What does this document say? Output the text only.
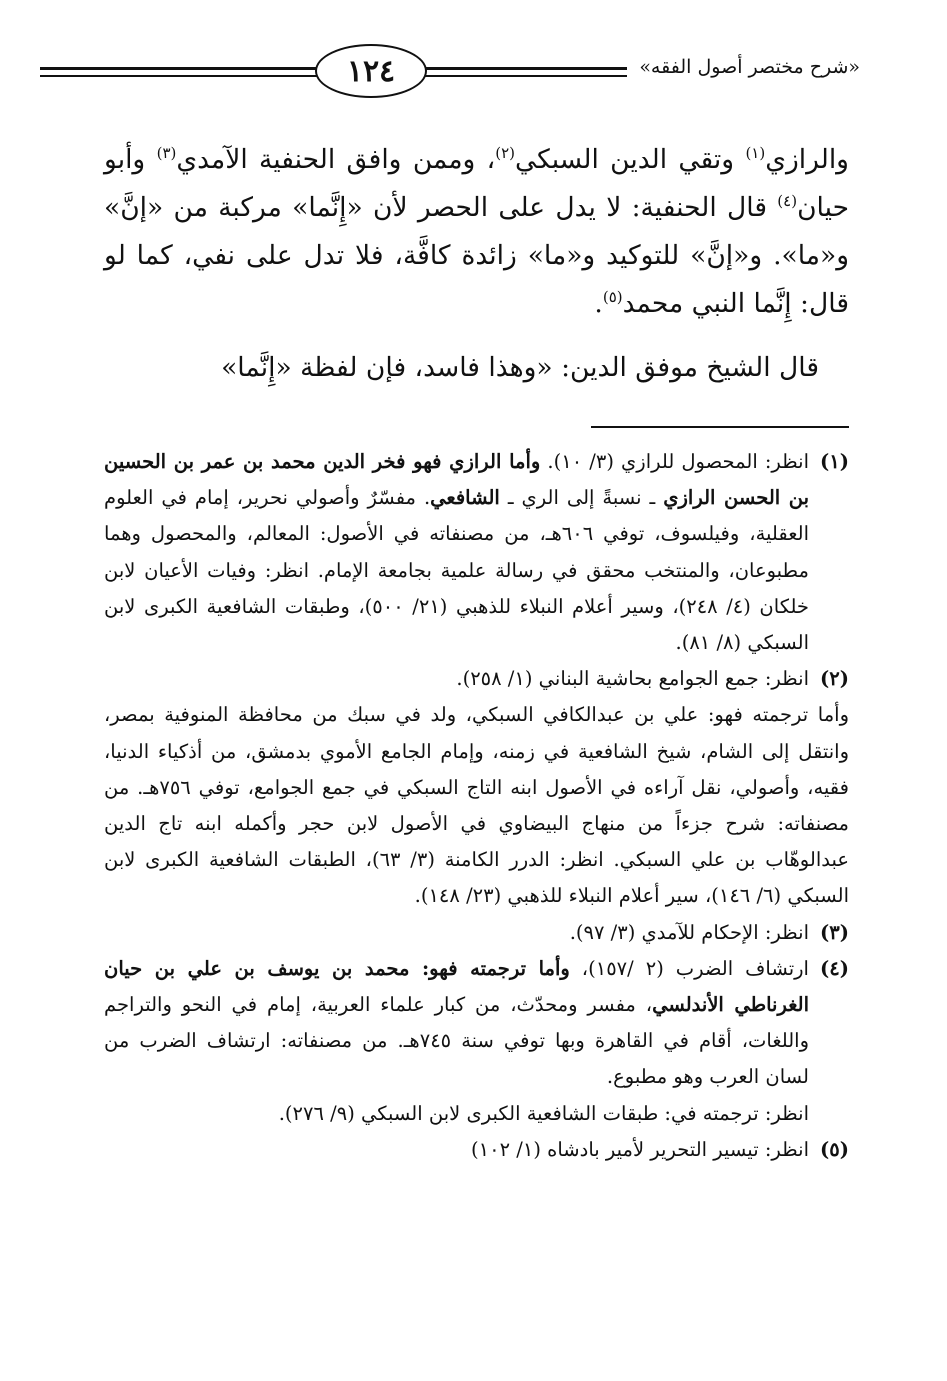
«شرح مختصر أصول الفقه»
١٢٤

والرازي$^{(١)}$ وتقي الدين السبكي$^{(٢)}$، وممن وافق الحنفية الآمدي$^{(٣)}$ وأبو حيان$^{(٤)}$ قال الحنفية: لا يدل على الحصر لأن «إِنَّما» مركبة من «إنَّ» و«ما». و«إنَّ» للتوكيد و«ما» زائدة كافَّة، فلا تدل على نفي، كما لو قال: إِنَّما النبي محمد$^{(٥)}$.

قال الشيخ موفق الدين: «وهذا فاسد، فإن لفظة «إِنَّما»

(١)

انظر: المحصول للرازي (٣/ ١٠). وأما الرازي فهو فخر الدين محمد بن عمر بن الحسين بن الحسن الرازي ـ نسبةً إلى الري ـ الشافعي. مفسّرٌ وأصولي نحرير، إمام في العلوم العقلية، وفيلسوف، توفي ٦٠٦هـ، من مصنفاته في الأصول: المعالم، والمحصول وهما مطبوعان، والمنتخب محقق في رسالة علمية بجامعة الإمام. انظر: وفيات الأعيان لابن خلكان (٤/ ٢٤٨)، وسير أعلام النبلاء للذهبي (٢١/ ٥٠٠)، وطبقات الشافعية الكبرى لابن السبكي (٨/ ٨١).

(٢)

انظر: جمع الجوامع بحاشية البناني (١/ ٢٥٨).

وأما ترجمته فهو: علي بن عبدالكافي السبكي، ولد في سبك من محافظة المنوفية بمصر، وانتقل إلى الشام، شيخ الشافعية في زمنه، وإمام الجامع الأموي بدمشق، من أذكياء الدنيا، فقيه، وأصولي، نقل آراءه في الأصول ابنه التاج السبكي في جمع الجوامع، توفي ٧٥٦هـ. من مصنفاته: شرح جزءاً من منهاج البيضاوي في الأصول لابن حجر وأكمله ابنه تاج الدين عبدالوهّاب بن علي السبكي. انظر: الدرر الكامنة (٣/ ٦٣)، الطبقات الشافعية الكبرى لابن السبكي (٦/ ١٤٦)، سير أعلام النبلاء للذهبي (٢٣/ ١٤٨).

(٣)

انظر: الإحكام للآمدي (٣/ ٩٧).

(٤)

ارتشاف الضرب (٢ /١٥٧)، وأما ترجمته فهو: محمد بن يوسف بن علي بن حيان الغرناطي الأندلسي، مفسر ومحدّث، من كبار علماء العربية، إمام في النحو والتراجم واللغات، أقام في القاهرة وبها توفي سنة ٧٤٥هـ. من مصنفاته: ارتشاف الضرب من لسان العرب وهو مطبوع.

انظر: ترجمته في: طبقات الشافعية الكبرى لابن السبكي (٩/ ٢٧٦).

(٥)

انظر: تيسير التحرير لأمير بادشاه (١/ ١٠٢)
